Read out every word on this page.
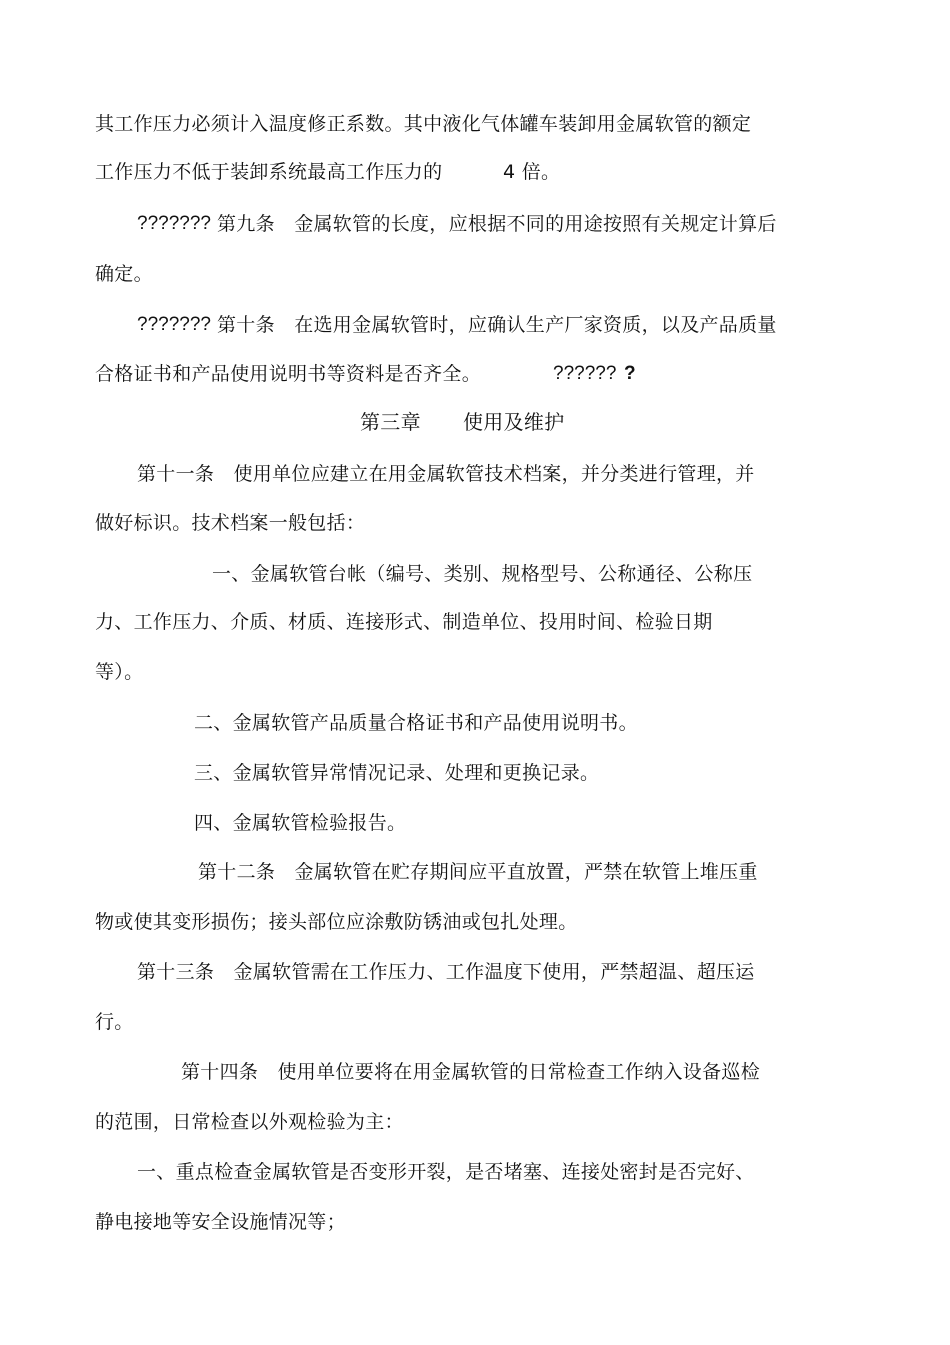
其工作压力必须计入温度修正系数。其中液化气体罐车装卸用金属软管的额定
工作压力不低于装卸系统最高工作压力的	4 倍。
??????? 第九条　金属软管的长度，应根据不同的用途按照有关规定计算后
确定。
??????? 第十条　在选用金属软管时，应确认生产厂家资质，以及产品质量
合格证书和产品使用说明书等资料是否齐全。	?????? ?
第三章 使用及维护
第十一条　使用单位应建立在用金属软管技术档案，并分类进行管理，并
做好标识。技术档案一般包括：
一、金属软管台帐（编号、类别、规格型号、公称通径、公称压
力、工作压力、介质、材质、连接形式、制造单位、投用时间、检验日期
等）。
二、金属软管产品质量合格证书和产品使用说明书。
三、金属软管异常情况记录、处理和更换记录。
四、金属软管检验报告。
第十二条　金属软管在贮存期间应平直放置，严禁在软管上堆压重
物或使其变形损伤；接头部位应涂敷防锈油或包扎处理。
第十三条　金属软管需在工作压力、工作温度下使用，严禁超温、超压运
行。
第十四条　使用单位要将在用金属软管的日常检查工作纳入设备巡检
的范围，日常检查以外观检验为主：
一、重点检查金属软管是否变形开裂，是否堵塞、连接处密封是否完好、
静电接地等安全设施情况等；
